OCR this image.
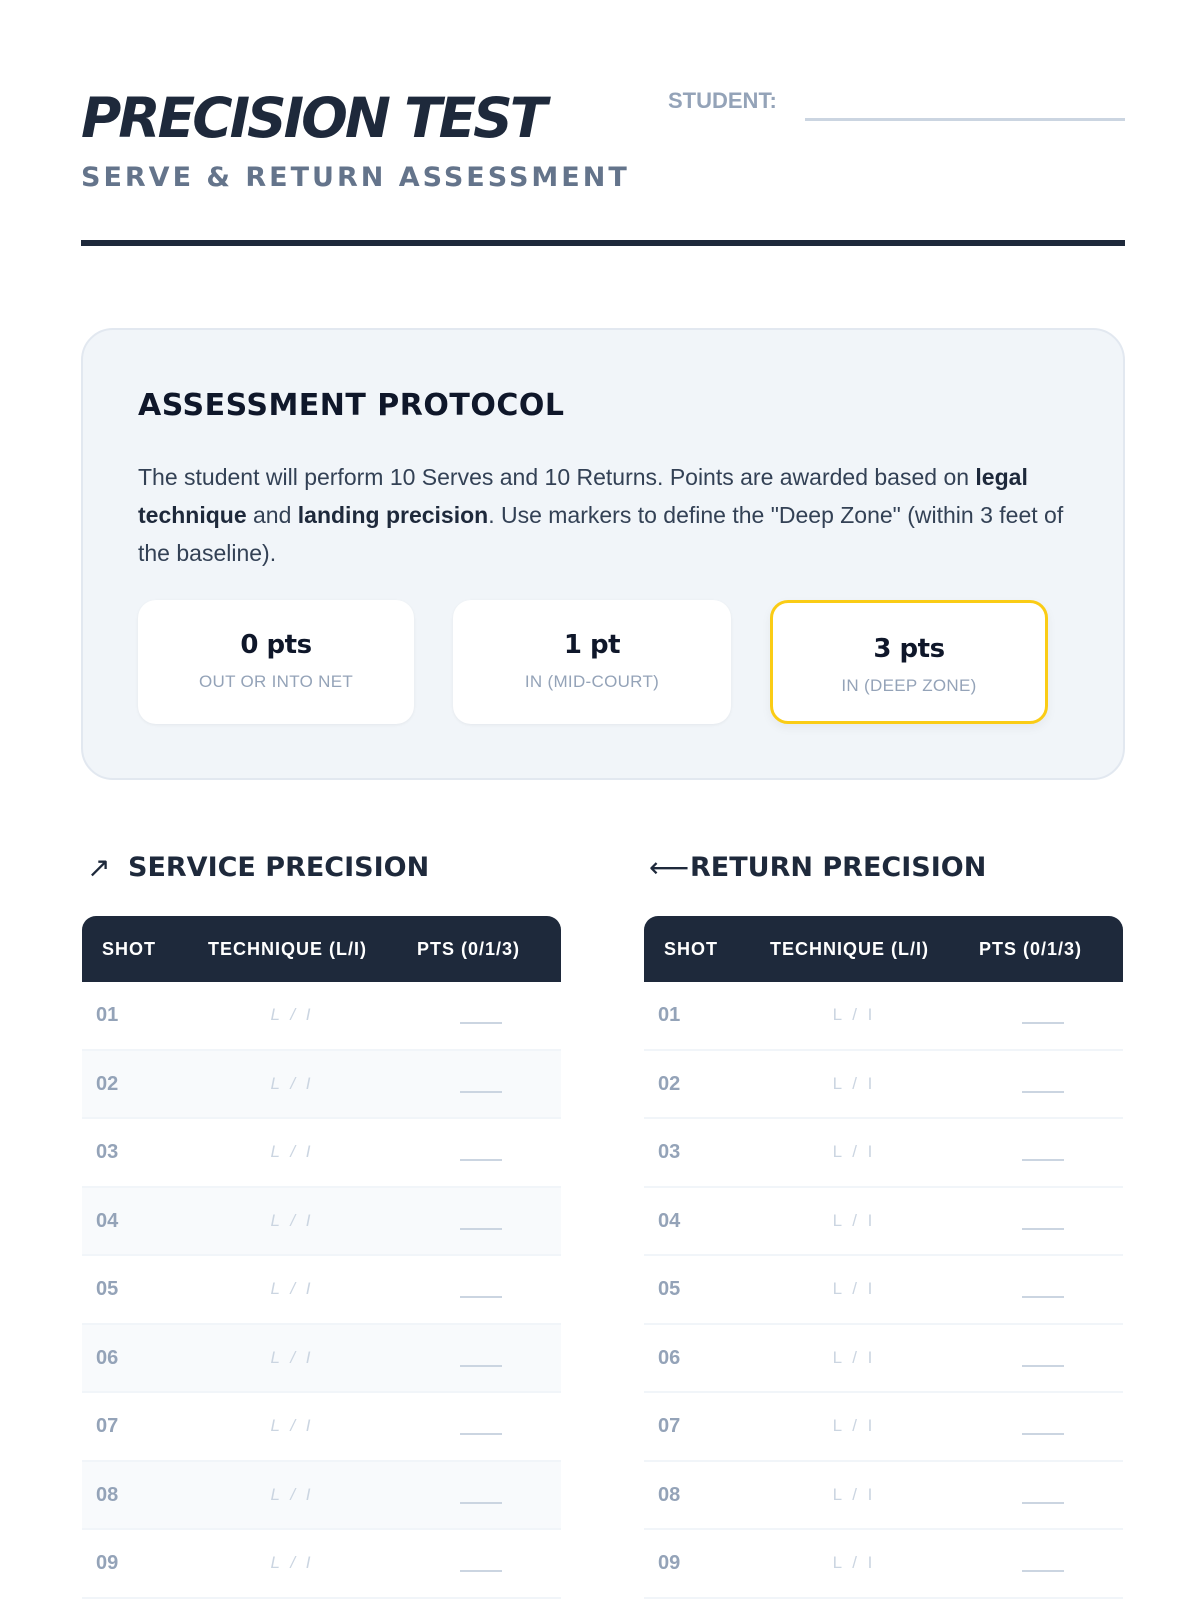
PRECISION TEST
SERVE & RETURN ASSESSMENT
STUDENT:
ASSESSMENT PROTOCOL
The student will perform 10 Serves and 10 Returns. Points are awarded based on legal technique and landing precision. Use markers to define the "Deep Zone" (within 3 feet of the baseline).
0 pts
OUT OR INTO NET
1 pt
IN (MID-COURT)
3 pts
IN (DEEP ZONE)
↗ SERVICE PRECISION
SHOT	TECHNIQUE (L/I)	PTS (0/1/3)
01	L / I
02	L / I
03	L / I
04	L / I
05	L / I
06	L / I
07	L / I
08	L / I
09	L / I
⟵ RETURN PRECISION
SHOT	TECHNIQUE (L/I)	PTS (0/1/3)
01	L / I
02	L / I
03	L / I
04	L / I
05	L / I
06	L / I
07	L / I
08	L / I
09	L / I
